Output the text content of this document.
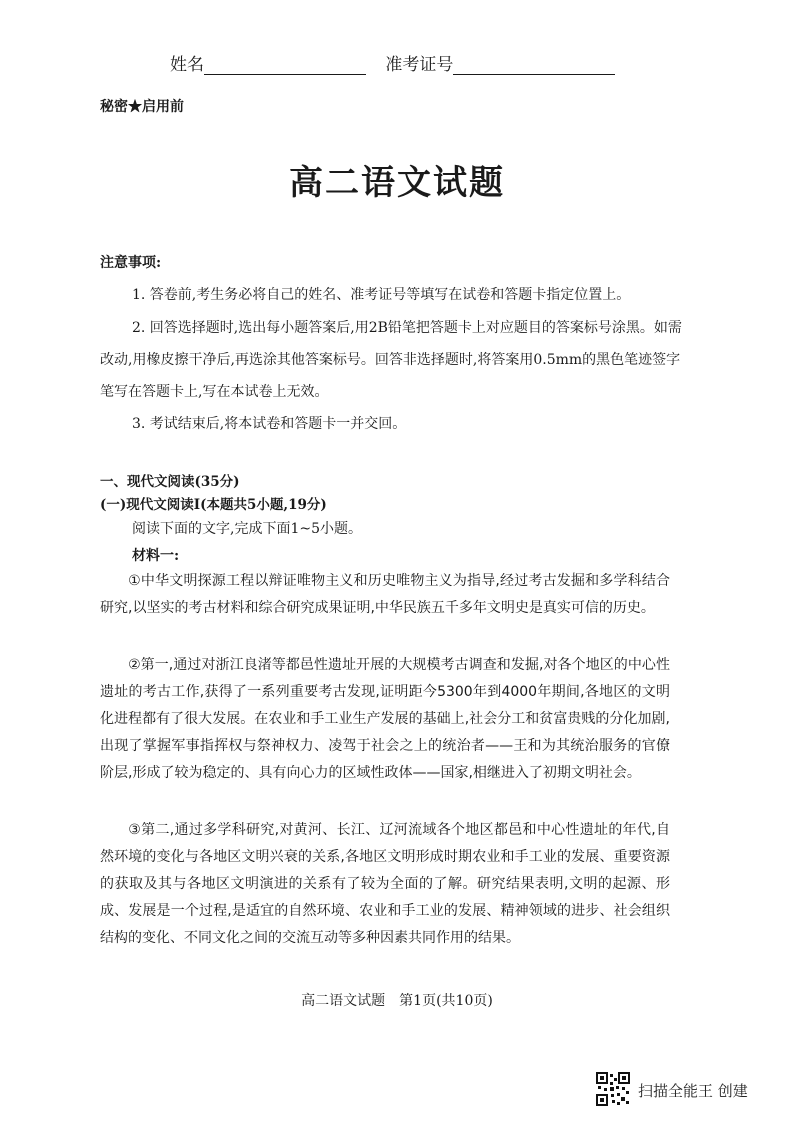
姓名	准考证号
秘密★启用前
高二语文试题
注意事项:
1. 答卷前,考生务必将自己的姓名、准考证号等填写在试卷和答题卡指定位置上。
2. 回答选择题时,选出每小题答案后,用2B铅笔把答题卡上对应题目的答案标号涂黑。如需改动,用橡皮擦干净后,再选涂其他答案标号。回答非选择题时,将答案用0.5mm的黑色笔迹签字笔写在答题卡上,写在本试卷上无效。
3. 考试结束后,将本试卷和答题卡一并交回。
一、现代文阅读(35分)
(一)现代文阅读Ⅰ(本题共5小题,19分)
阅读下面的文字,完成下面1~5小题。
材料一:
①中华文明探源工程以辩证唯物主义和历史唯物主义为指导,经过考古发掘和多学科结合研究,以坚实的考古材料和综合研究成果证明,中华民族五千多年文明史是真实可信的历史。
②第一,通过对浙江良渚等都邑性遗址开展的大规模考古调查和发掘,对各个地区的中心性遗址的考古工作,获得了一系列重要考古发现,证明距今5300年到4000年期间,各地区的文明化进程都有了很大发展。在农业和手工业生产发展的基础上,社会分工和贫富贵贱的分化加剧,出现了掌握军事指挥权与祭神权力、凌驾于社会之上的统治者——王和为其统治服务的官僚阶层,形成了较为稳定的、具有向心力的区域性政体——国家,相继进入了初期文明社会。
③第二,通过多学科研究,对黄河、长江、辽河流域各个地区都邑和中心性遗址的年代,自然环境的变化与各地区文明兴衰的关系,各地区文明形成时期农业和手工业的发展、重要资源的获取及其与各地区文明演进的关系有了较为全面的了解。研究结果表明,文明的起源、形成、发展是一个过程,是适宜的自然环境、农业和手工业的发展、精神领域的进步、社会组织结构的变化、不同文化之间的交流互动等多种因素共同作用的结果。
高二语文试题　第1页(共10页)
扫描全能王 创建
